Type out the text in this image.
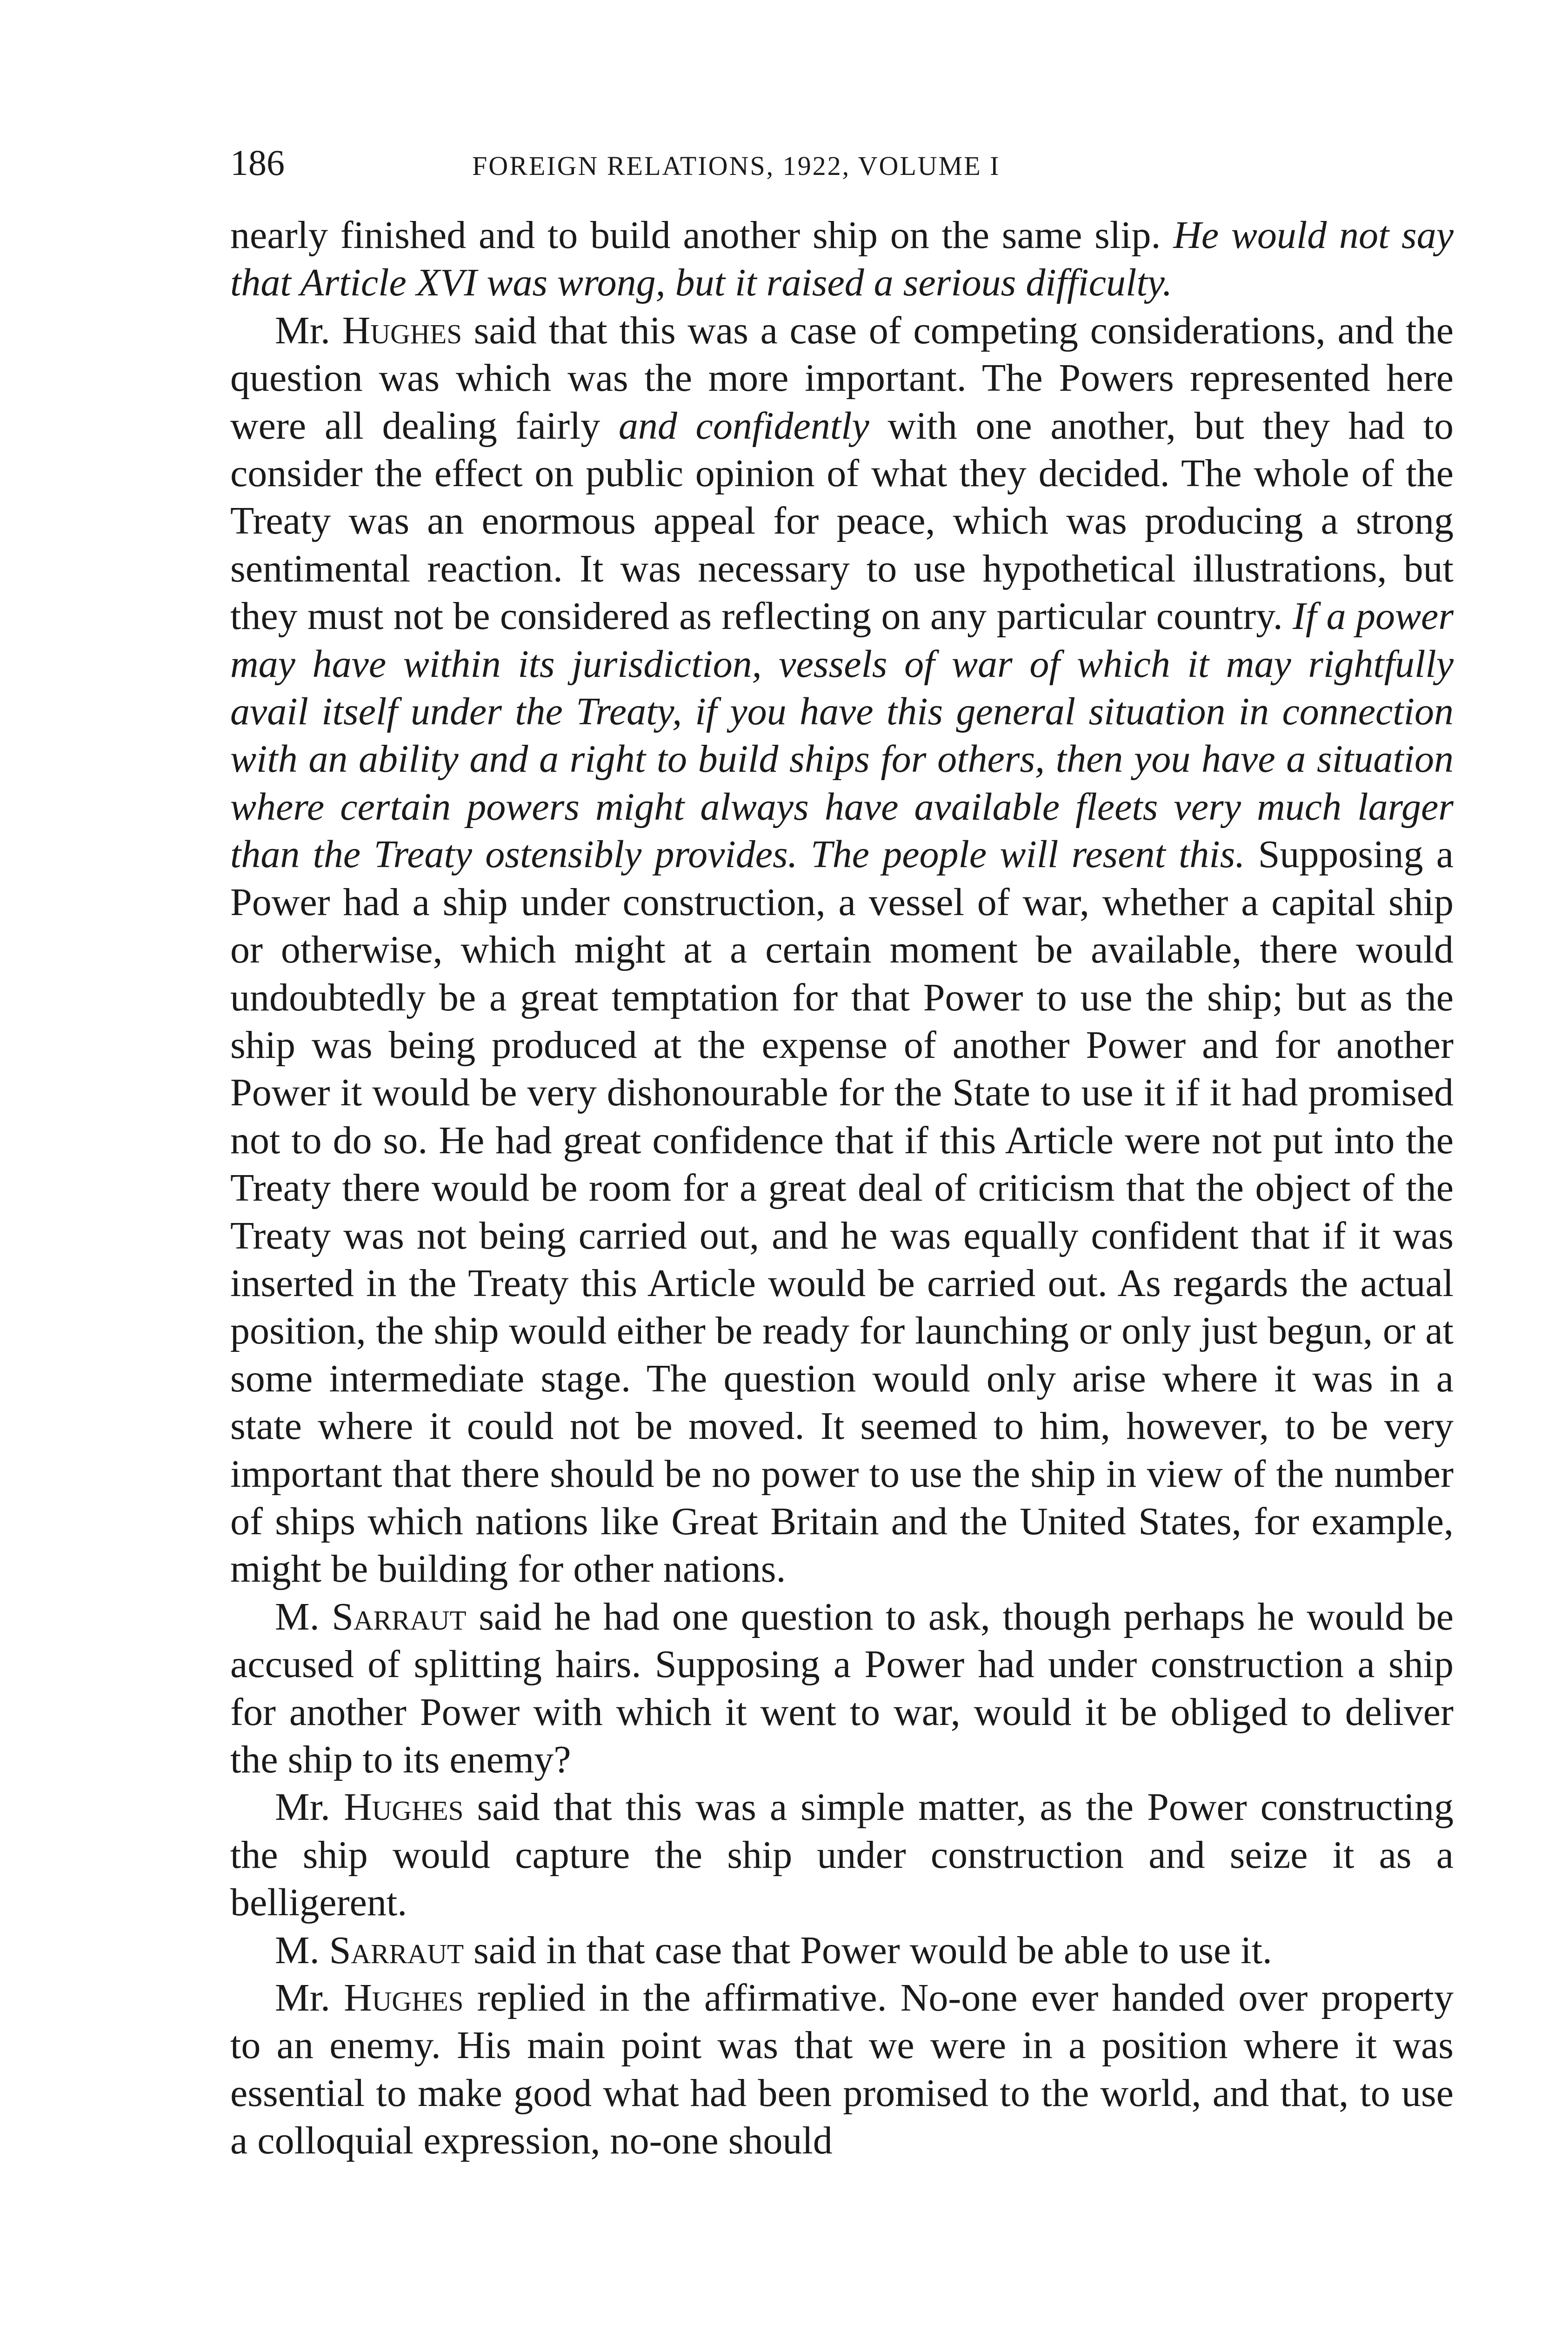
186	FOREIGN RELATIONS, 1922, VOLUME I

nearly finished and to build another ship on the same slip. He would not say that Article XVI was wrong, but it raised a serious difficulty.

Mr. Hughes said that this was a case of competing considerations, and the question was which was the more important. The Powers represented here were all dealing fairly and confidently with one another, but they had to consider the effect on public opinion of what they decided. The whole of the Treaty was an enormous appeal for peace, which was producing a strong sentimental reaction. It was necessary to use hypothetical illustrations, but they must not be considered as reflecting on any particular country. If a power may have within its jurisdiction, vessels of war of which it may rightfully avail itself under the Treaty, if you have this general situation in connection with an ability and a right to build ships for others, then you have a situation where certain powers might always have available fleets very much larger than the Treaty ostensibly provides. The people will resent this. Supposing a Power had a ship under construction, a vessel of war, whether a capital ship or otherwise, which might at a certain moment be available, there would undoubtedly be a great temptation for that Power to use the ship; but as the ship was being produced at the expense of another Power and for another Power it would be very dishonourable for the State to use it if it had promised not to do so. He had great confidence that if this Article were not put into the Treaty there would be room for a great deal of criticism that the object of the Treaty was not being carried out, and he was equally confident that if it was inserted in the Treaty this Article would be carried out. As regards the actual position, the ship would either be ready for launching or only just begun, or at some intermediate stage. The question would only arise where it was in a state where it could not be moved. It seemed to him, however, to be very important that there should be no power to use the ship in view of the number of ships which nations like Great Britain and the United States, for example, might be building for other nations.

M. Sarraut said he had one question to ask, though perhaps he would be accused of splitting hairs. Supposing a Power had under construction a ship for another Power with which it went to war, would it be obliged to deliver the ship to its enemy?

Mr. Hughes said that this was a simple matter, as the Power constructing the ship would capture the ship under construction and seize it as a belligerent.

M. Sarraut said in that case that Power would be able to use it.

Mr. Hughes replied in the affirmative. No-one ever handed over property to an enemy. His main point was that we were in a position where it was essential to make good what had been promised to the world, and that, to use a colloquial expression, no-one should
